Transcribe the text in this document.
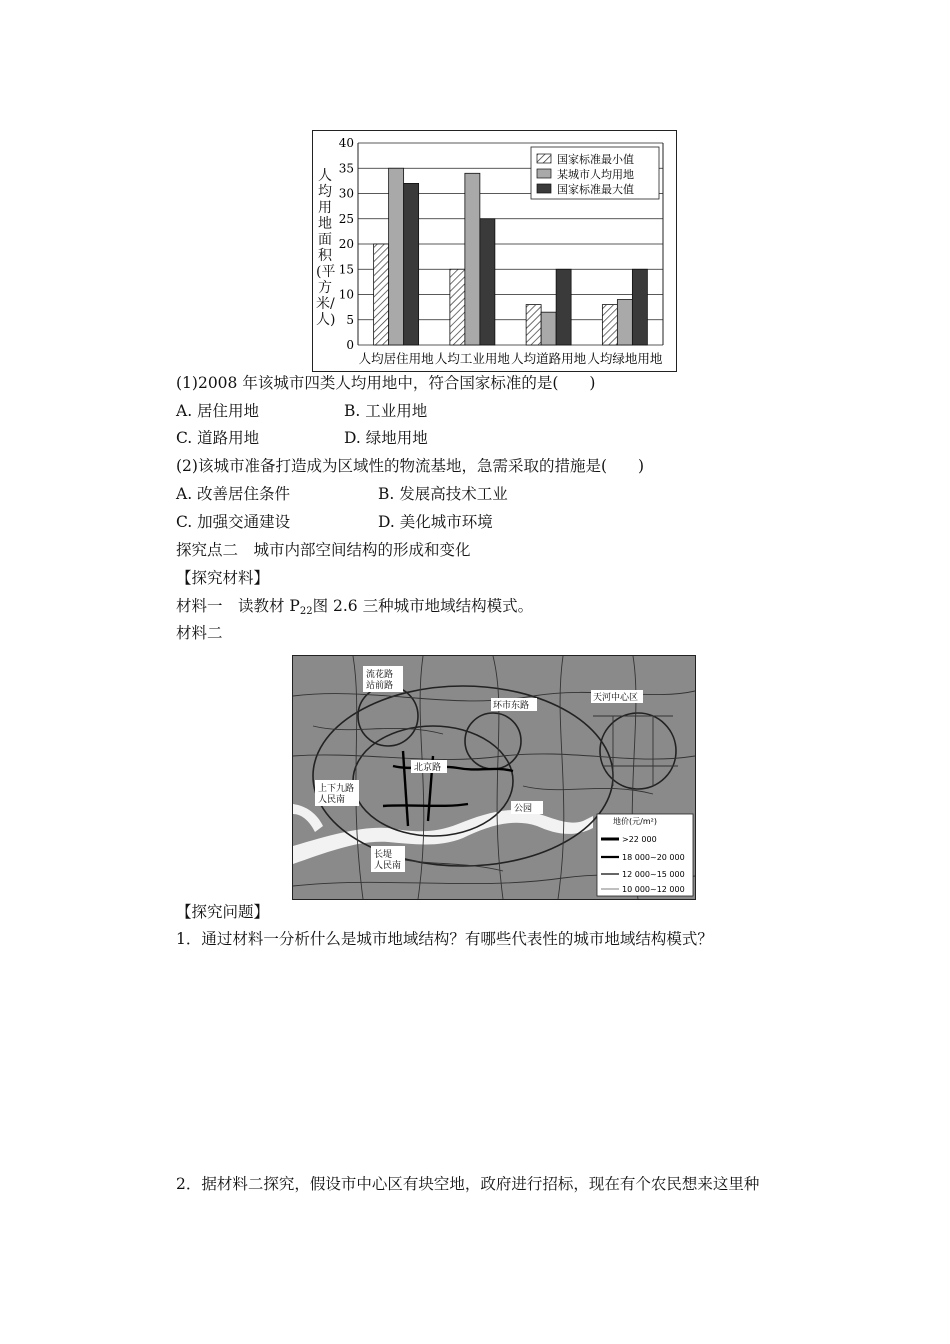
0
5
10
15
20
25
30
35
40
人均居住用地 人均工业用地 人均道路用地 人均绿地用地
国家标准最小值
某城市人均用地
国家标准最大值
人均用地面积(平方米/人)
(1)2008 年该城市四类人均用地中，符合国家标准的是(　　)
A. 居住用地	B. 工业用地
C. 道路用地	D. 绿地用地
(2)该城市准备打造成为区域性的物流基地，急需采取的措施是(　　)
A. 改善居住条件	B. 发展高技术工业
C. 加强交通建设	D. 美化城市环境
探究点二　城市内部空间结构的形成和变化
【探究材料】
材料一　读教材 $P_{22}$图 2.6 三种城市地域结构模式。
材料二
流花路
站前路
环市东路
天河中心区
北京路
上下九路
人民南
长堤
人民南
公园
地价(元/m²)
>22 000
18 000~20 000
12 000~15 000
10 000~12 000
【探究问题】
1．通过材料一分析什么是城市地域结构？有哪些代表性的城市地域结构模式？
2．据材料二探究，假设市中心区有块空地，政府进行招标，现在有个农民想来这里种
